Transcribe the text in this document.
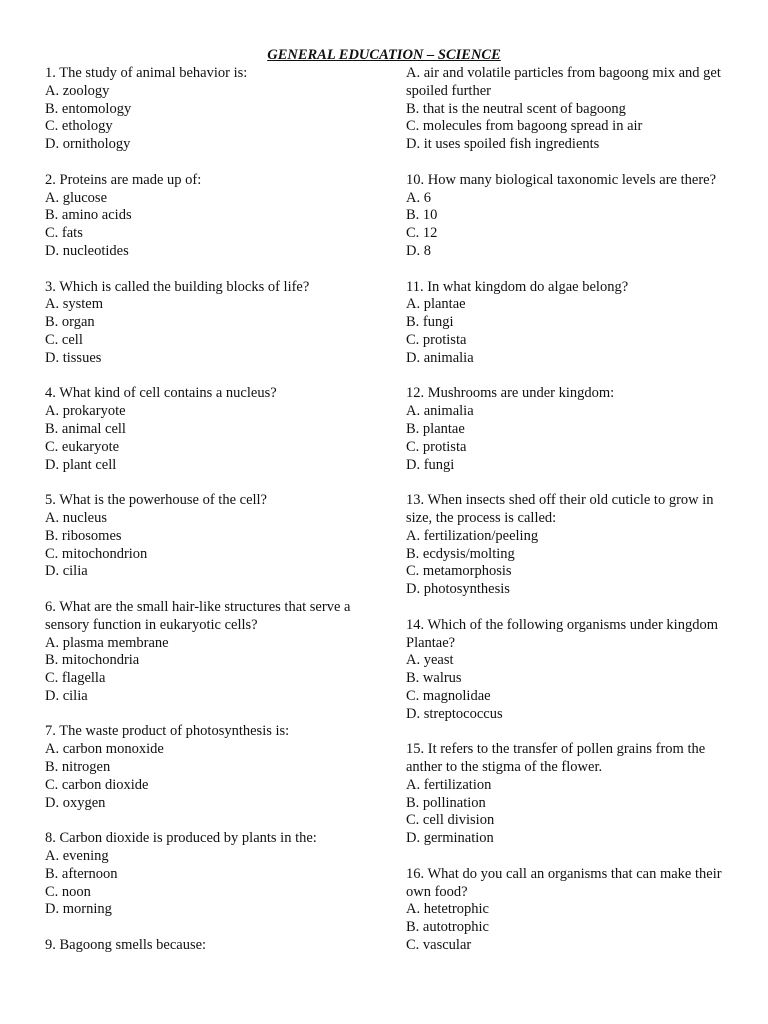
GENERAL EDUCATION – SCIENCE
1. The study of animal behavior is:
A. zoology
B. entomology
C. ethology
D. ornithology
2. Proteins are made up of:
A. glucose
B. amino acids
C. fats
D. nucleotides
3. Which is called the building blocks of life?
A. system
B. organ
C. cell
D. tissues
4. What kind of cell contains a nucleus?
A. prokaryote
B. animal cell
C. eukaryote
D. plant cell
5. What is the powerhouse of the cell?
A. nucleus
B. ribosomes
C. mitochondrion
D. cilia
6. What are the small hair-like structures that serve a sensory function in eukaryotic cells?
A. plasma membrane
B. mitochondria
C. flagella
D. cilia
7. The waste product of photosynthesis is:
A. carbon monoxide
B. nitrogen
C. carbon dioxide
D. oxygen
8. Carbon dioxide is produced by plants in the:
A. evening
B. afternoon
C. noon
D. morning
9. Bagoong smells because:
A. air and volatile particles from bagoong mix and get spoiled further
B. that is the neutral scent of bagoong
C. molecules from bagoong spread in air
D. it uses spoiled fish ingredients
10. How many biological taxonomic levels are there?
A. 6
B. 10
C. 12
D. 8
11. In what kingdom do algae belong?
A. plantae
B. fungi
C. protista
D. animalia
12. Mushrooms are under kingdom:
A. animalia
B. plantae
C. protista
D. fungi
13. When insects shed off their old cuticle to grow in size, the process is called:
A. fertilization/peeling
B. ecdysis/molting
C. metamorphosis
D. photosynthesis
14. Which of the following organisms under kingdom Plantae?
A. yeast
B. walrus
C. magnolidae
D. streptococcus
15. It refers to the transfer of pollen grains from the anther to the stigma of the flower.
A. fertilization
B. pollination
C. cell division
D. germination
16. What do you call an organisms that can make their own food?
A. hetetrophic
B. autotrophic
C. vascular
